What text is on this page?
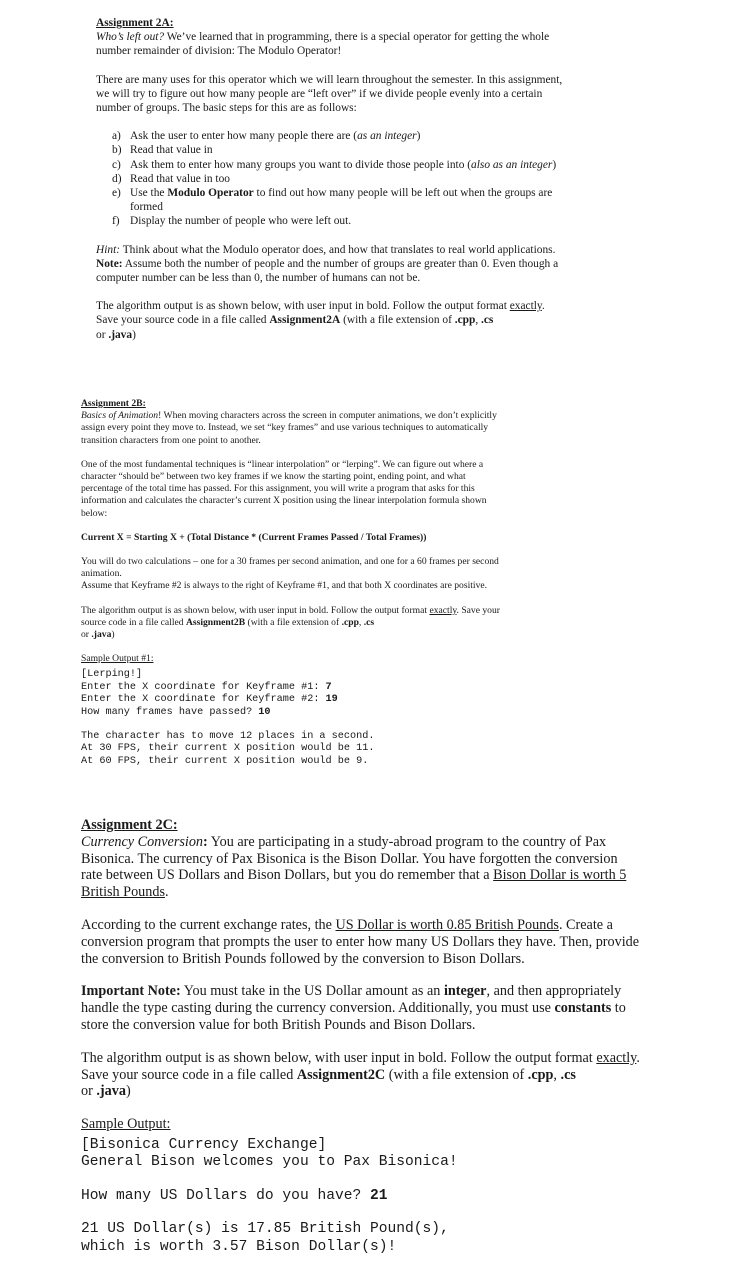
Assignment 2A:

Who’s left out? We’ve learned that in programming, there is a special operator for getting the whole number remainder of division: The Modulo Operator!

There are many uses for this operator which we will learn throughout the semester. In this assignment, we will try to figure out how many people are “left over” if we divide people evenly into a certain number of groups. The basic steps for this are as follows:

a) Ask the user to enter how many people there are (as an integer)
b) Read that value in
c) Ask them to enter how many groups you want to divide those people into (also as an integer)
d) Read that value in too
e) Use the Modulo Operator to find out how many people will be left out when the groups are formed
f) Display the number of people who were left out.

Hint: Think about what the Modulo operator does, and how that translates to real world applications.

Note: Assume both the number of people and the number of groups are greater than 0. Even though a computer number can be less than 0, the number of humans can not be.

The algorithm output is as shown below, with user input in bold. Follow the output format exactly. Save your source code in a file called Assignment2A (with a file extension of .cpp, .cs
or .java)

Assignment 2B:

Basics of Animation! When moving characters across the screen in computer animations, we don’t explicitly assign every point they move to. Instead, we set “key frames” and use various techniques to automatically transition characters from one point to another.

One of the most fundamental techniques is “linear interpolation” or “lerping”. We can figure out where a character “should be” between two key frames if we know the starting point, ending point, and what percentage of the total time has passed. For this assignment, you will write a program that asks for this information and calculates the character’s current X position using the linear interpolation formula shown below:

Current X = Starting X + (Total Distance * (Current Frames Passed / Total Frames))

You will do two calculations – one for a 30 frames per second animation, and one for a 60 frames per second animation.

Assume that Keyframe #2 is always to the right of Keyframe #1, and that both X coordinates are positive.

The algorithm output is as shown below, with user input in bold. Follow the output format exactly. Save your source code in a file called Assignment2B (with a file extension of .cpp, .cs
or .java)

Sample Output #1:

[Lerping!]
Enter the X coordinate for Keyframe #1: 7
Enter the X coordinate for Keyframe #2: 19
How many frames have passed? 10
The character has to move 12 places in a second.
At 30 FPS, their current X position would be 11.
At 60 FPS, their current X position would be 9.

Assignment 2C:

Currency Conversion: You are participating in a study-abroad program to the country of Pax Bisonica. The currency of Pax Bisonica is the Bison Dollar. You have forgotten the conversion rate between US Dollars and Bison Dollars, but you do remember that a Bison Dollar is worth 5 British Pounds.

According to the current exchange rates, the US Dollar is worth 0.85 British Pounds. Create a conversion program that prompts the user to enter how many US Dollars they have. Then, provide the conversion to British Pounds followed by the conversion to Bison Dollars.

Important Note: You must take in the US Dollar amount as an integer, and then appropriately handle the type casting during the currency conversion. Additionally, you must use constants to store the conversion value for both British Pounds and Bison Dollars.

The algorithm output is as shown below, with user input in bold. Follow the output format exactly. Save your source code in a file called Assignment2C (with a file extension of .cpp, .cs
or .java)

Sample Output:

[Bisonica Currency Exchange]
General Bison welcomes you to Pax Bisonica!
How many US Dollars do you have? 21
21 US Dollar(s) is 17.85 British Pound(s),
which is worth 3.57 Bison Dollar(s)!
